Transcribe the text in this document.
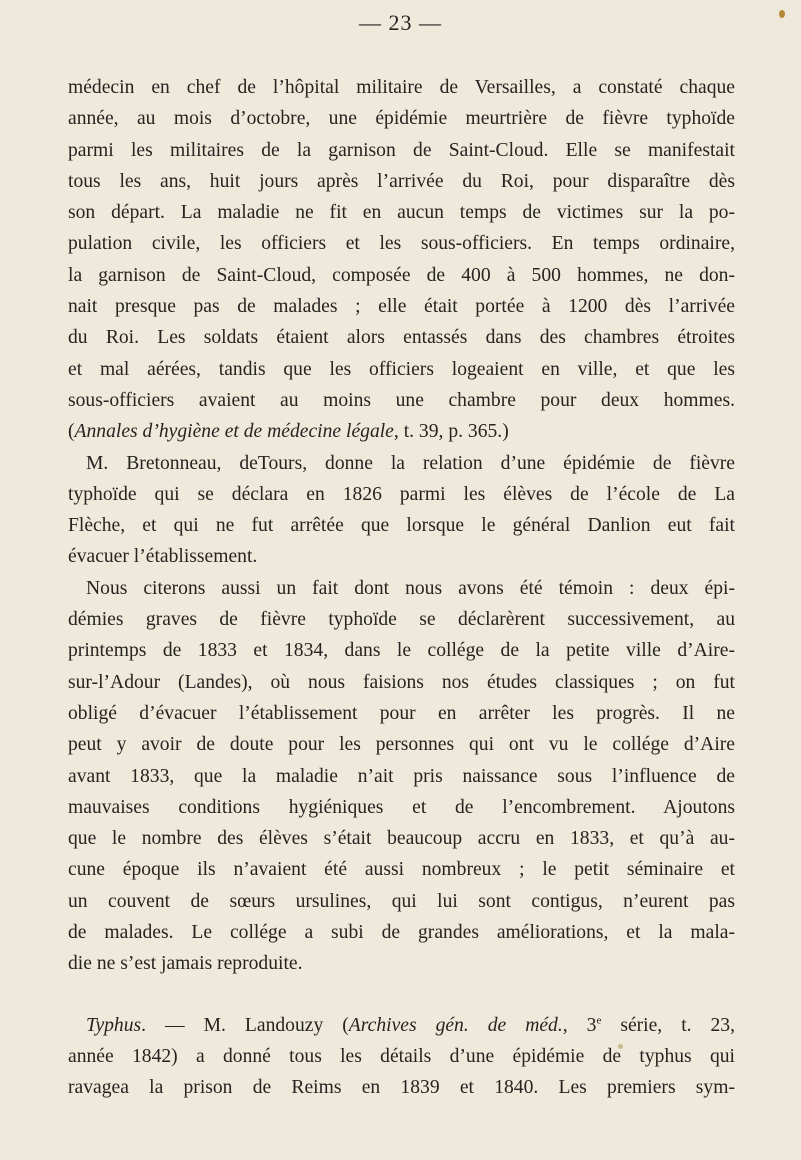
— 23 —
médecin en chef de l’hôpital militaire de Versailles, a constaté chaque
année, au mois d’octobre, une épidémie meurtrière de fièvre typhoïde
parmi les militaires de la garnison de Saint-Cloud. Elle se manifestait
tous les ans, huit jours après l’arrivée du Roi, pour disparaître dès
son départ. La maladie ne fit en aucun temps de victimes sur la po-
pulation civile, les officiers et les sous-officiers. En temps ordinaire,
la garnison de Saint-Cloud, composée de 400 à 500 hommes, ne don-
nait presque pas de malades ; elle était portée à 1200 dès l’arrivée
du Roi. Les soldats étaient alors entassés dans des chambres étroites
et mal aérées, tandis que les officiers logeaient en ville, et que les
sous-officiers avaient au moins une chambre pour deux hommes.
(Annales d’hygiène et de médecine légale, t. 39, p. 365.)
M. Bretonneau, deTours, donne la relation d’une épidémie de fièvre
typhoïde qui se déclara en 1826 parmi les élèves de l’école de La
Flèche, et qui ne fut arrêtée que lorsque le général Danlion eut fait
évacuer l’établissement.
Nous citerons aussi un fait dont nous avons été témoin : deux épi-
démies graves de fièvre typhoïde se déclarèrent successivement, au
printemps de 1833 et 1834, dans le collége de la petite ville d’Aire-
sur-l’Adour (Landes), où nous faisions nos études classiques ; on fut
obligé d’évacuer l’établissement pour en arrêter les progrès. Il ne
peut y avoir de doute pour les personnes qui ont vu le collége d’Aire
avant 1833, que la maladie n’ait pris naissance sous l’influence de
mauvaises conditions hygiéniques et de l’encombrement. Ajoutons
que le nombre des élèves s’était beaucoup accru en 1833, et qu’à au-
cune époque ils n’avaient été aussi nombreux ; le petit séminaire et
un couvent de sœurs ursulines, qui lui sont contigus, n’eurent pas
de malades. Le collége a subi de grandes améliorations, et la mala-
die ne s’est jamais reproduite.
Typhus. — M. Landouzy (Archives gén. de méd., 3e série, t. 23,
année 1842) a donné tous les détails d’une épidémie de typhus qui
ravagea la prison de Reims en 1839 et 1840. Les premiers sym-
